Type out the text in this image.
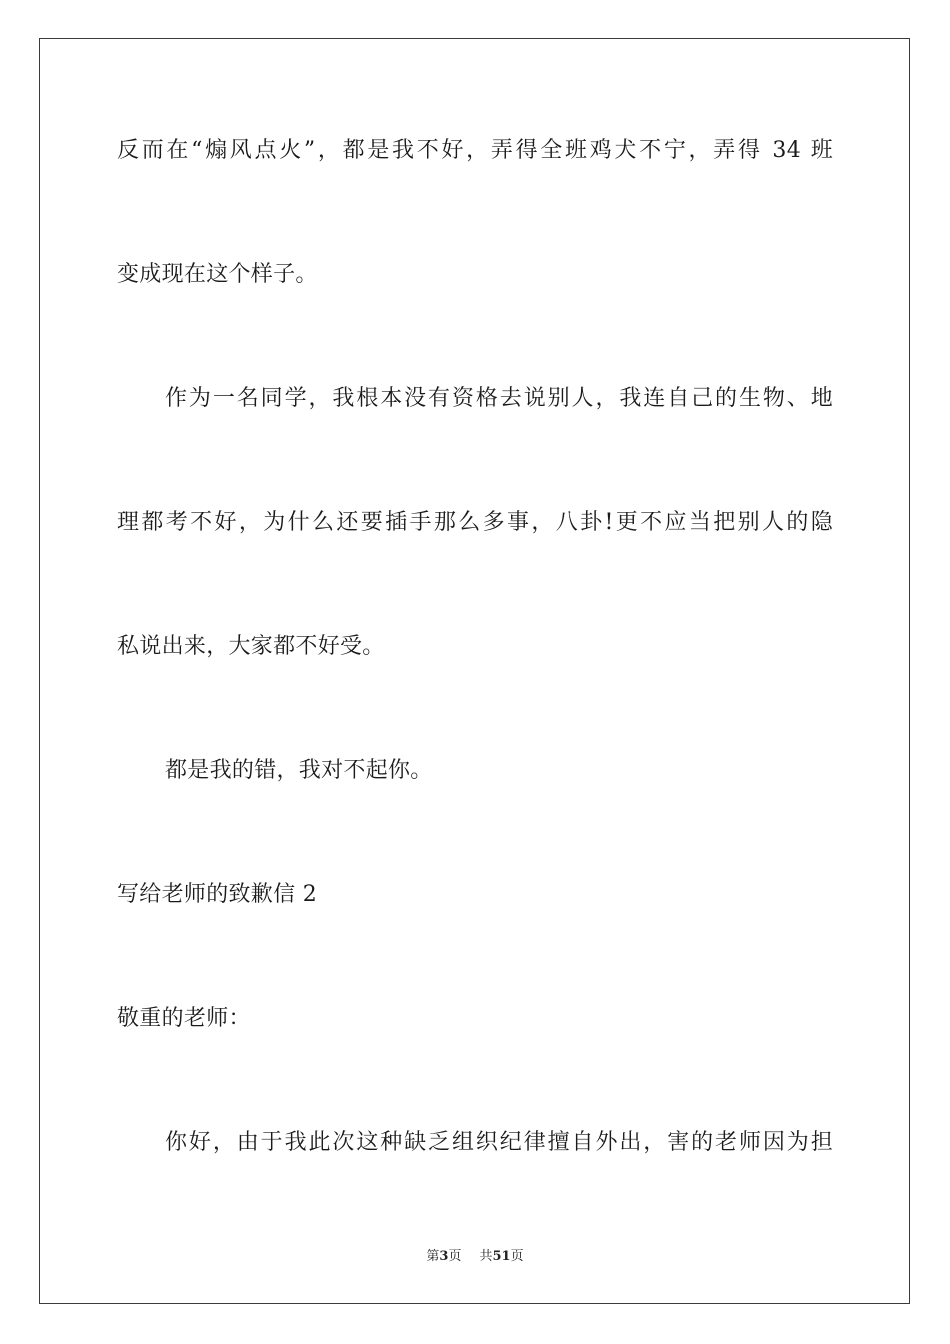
反而在“煽风点火”，都是我不好，弄得全班鸡犬不宁，弄得 34 班
变成现在这个样子。
作为一名同学，我根本没有资格去说别人，我连自己的生物、地
理都考不好，为什么还要插手那么多事，八卦!更不应当把别人的隐
私说出来，大家都不好受。
都是我的错，我对不起你。
写给老师的致歉信 2
敬重的老师：
你好，由于我此次这种缺乏组织纪律擅自外出，害的老师因为担
第3页 共51页
